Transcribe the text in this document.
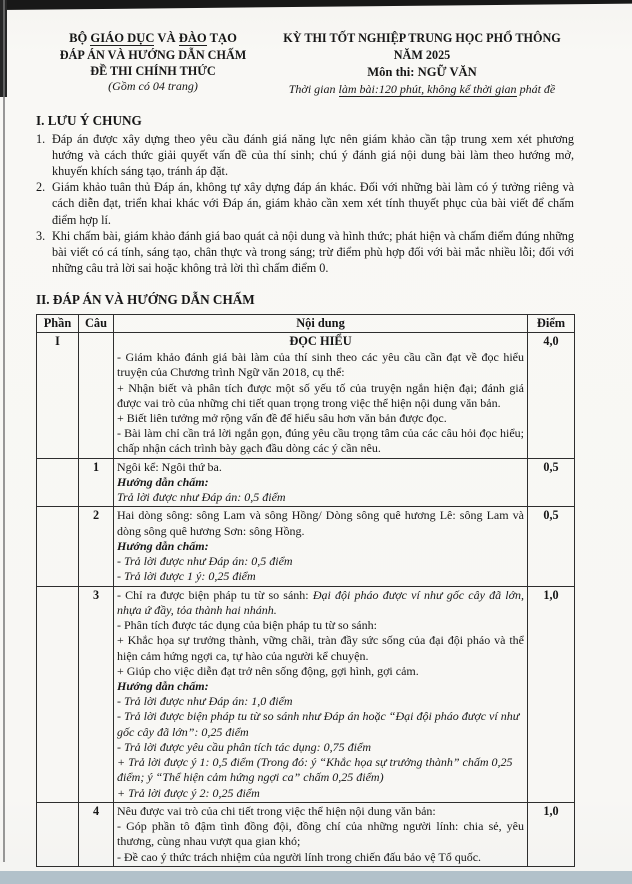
BỘ GIÁO DỤC VÀ ĐÀO TẠO
ĐÁP ÁN VÀ HƯỚNG DẪN CHẤM
ĐỀ THI CHÍNH THỨC
(Gồm có 04 trang)
KỲ THI TỐT NGHIỆP TRUNG HỌC PHỔ THÔNG NĂM 2025
Môn thi: NGỮ VĂN
Thời gian làm bài:120 phút, không kể thời gian phát đề
I. LƯU Ý CHUNG
1. Đáp án được xây dựng theo yêu cầu đánh giá năng lực nên giám khảo cần tập trung xem xét phương hướng và cách thức giải quyết vấn đề của thí sinh; chú ý đánh giá nội dung bài làm theo hướng mở, khuyến khích sáng tạo, tránh áp đặt.
2. Giám khảo tuân thủ Đáp án, không tự xây dựng đáp án khác. Đối với những bài làm có ý tưởng riêng và cách diễn đạt, triển khai khác với Đáp án, giám khảo cần xem xét tính thuyết phục của bài viết để chấm điểm hợp lí.
3. Khi chấm bài, giám khảo đánh giá bao quát cả nội dung và hình thức; phát hiện và chấm điểm đúng những bài viết có cá tính, sáng tạo, chân thực và trong sáng; trừ điểm phù hợp đối với bài mắc nhiều lỗi; đối với những câu trả lời sai hoặc không trả lời thì chấm điểm 0.
II. ĐÁP ÁN VÀ HƯỚNG DẪN CHẤM
Phần	Câu	Nội dung	Điểm
I		ĐỌC HIỂU
- Giám khảo đánh giá bài làm của thí sinh theo các yêu cầu cần đạt về đọc hiểu truyện của Chương trình Ngữ văn 2018, cụ thể:
+ Nhận biết và phân tích được một số yếu tố của truyện ngắn hiện đại; đánh giá được vai trò của những chi tiết quan trọng trong việc thể hiện nội dung văn bản.
+ Biết liên tưởng mở rộng vấn đề để hiểu sâu hơn văn bản được đọc.
- Bài làm chỉ cần trả lời ngắn gọn, đúng yêu cầu trọng tâm của các câu hỏi đọc hiểu; chấp nhận cách trình bày gạch đầu dòng các ý cần nêu.	4,0
	1	Ngôi kể: Ngôi thứ ba.
Hướng dẫn chấm:
Trả lời được như Đáp án: 0,5 điểm	0,5
	2	Hai dòng sông: sông Lam và sông Hồng/ Dòng sông quê hương Lê: sông Lam và dòng sông quê hương Sơn: sông Hồng.
Hướng dẫn chấm:
- Trả lời được như Đáp án: 0,5 điểm
- Trả lời được 1 ý: 0,25 điểm	0,5
	3	- Chỉ ra được biện pháp tu từ so sánh: Đại đội pháo được ví như gốc cây đã lớn, nhựa ứ đầy, tỏa thành hai nhánh.
- Phân tích được tác dụng của biện pháp tu từ so sánh:
+ Khắc họa sự trưởng thành, vững chãi, tràn đầy sức sống của đại đội pháo và thể hiện cảm hứng ngợi ca, tự hào của người kể chuyện.
+ Giúp cho việc diễn đạt trở nên sống động, gợi hình, gợi cảm.
Hướng dẫn chấm:
- Trả lời được như Đáp án: 1,0 điểm
- Trả lời được biện pháp tu từ so sánh như Đáp án hoặc “Đại đội pháo được ví như gốc cây đã lớn”: 0,25 điểm
- Trả lời được yêu cầu phân tích tác dụng: 0,75 điểm
+ Trả lời được ý 1: 0,5 điểm (Trong đó: ý “Khắc họa sự trưởng thành” chấm 0,25 điểm; ý “Thể hiện cảm hứng ngợi ca” chấm 0,25 điểm)
+ Trả lời được ý 2: 0,25 điểm
	1,0
	4	Nêu được vai trò của chi tiết trong việc thể hiện nội dung văn bản:
- Góp phần tô đậm tình đồng đội, đồng chí của những người lính: chia sẻ, yêu thương, cùng nhau vượt qua gian khó;
- Đề cao ý thức trách nhiệm của người lính trong chiến đấu bảo vệ Tổ quốc.	1,0
